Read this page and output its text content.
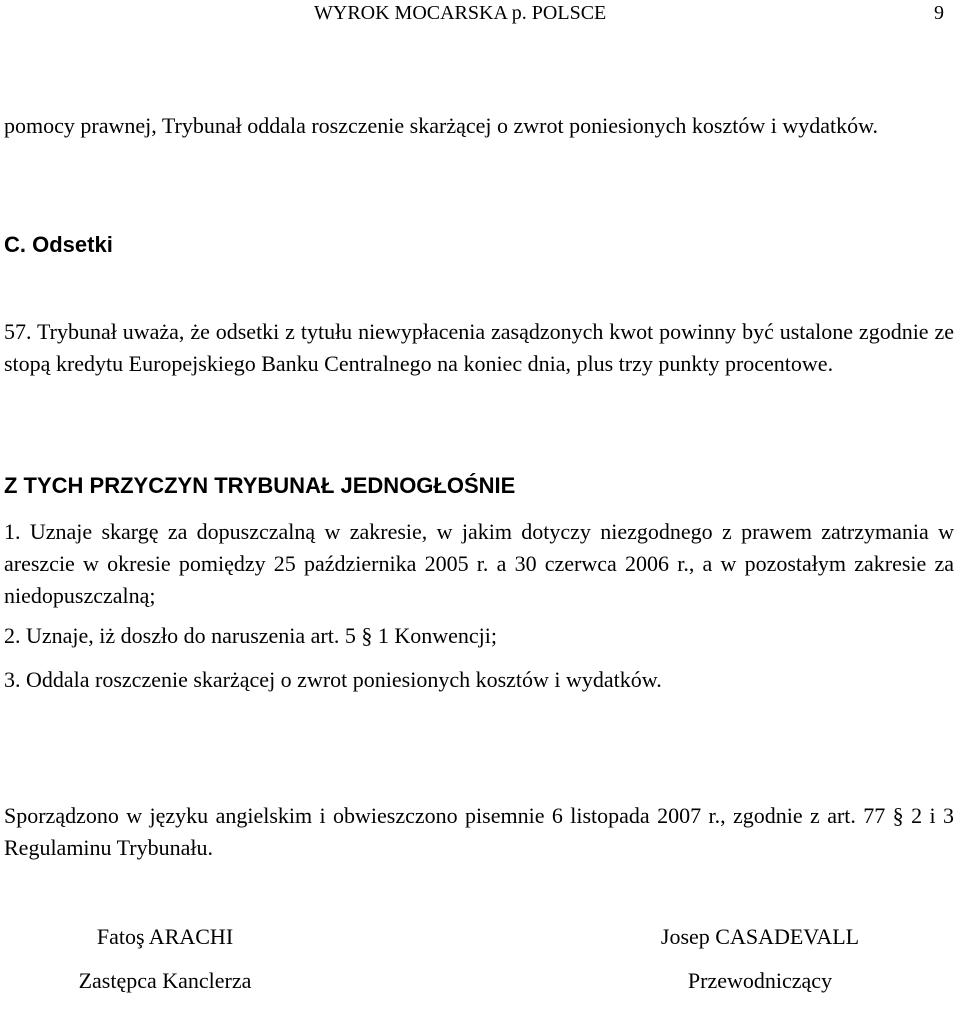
WYROK MOCARSKA p. POLSCE	9
pomocy prawnej, Trybunał oddala roszczenie skarżącej o zwrot poniesionych kosztów i wydatków.
C. Odsetki
57. Trybunał uważa, że odsetki z tytułu niewypłacenia zasądzonych kwot powinny być ustalone zgodnie ze stopą kredytu Europejskiego Banku Centralnego na koniec dnia, plus trzy punkty procentowe.
Z TYCH PRZYCZYN TRYBUNAŁ JEDNOGŁOŚNIE
1. Uznaje skargę za dopuszczalną w zakresie, w jakim dotyczy niezgodnego z prawem zatrzymania w areszcie w okresie pomiędzy 25 października 2005 r. a 30 czerwca 2006 r., a w pozostałym zakresie za niedopuszczalną;
2. Uznaje, iż doszło do naruszenia art. 5 § 1 Konwencji;
3. Oddala roszczenie skarżącej o zwrot poniesionych kosztów i wydatków.
Sporządzono w języku angielskim i obwieszczono pisemnie 6 listopada 2007 r., zgodnie z art. 77 § 2 i 3 Regulaminu Trybunału.
Fatoş ARACHI
Zastępca Kanclerza
Josep CASADEVALL
Przewodniczący
